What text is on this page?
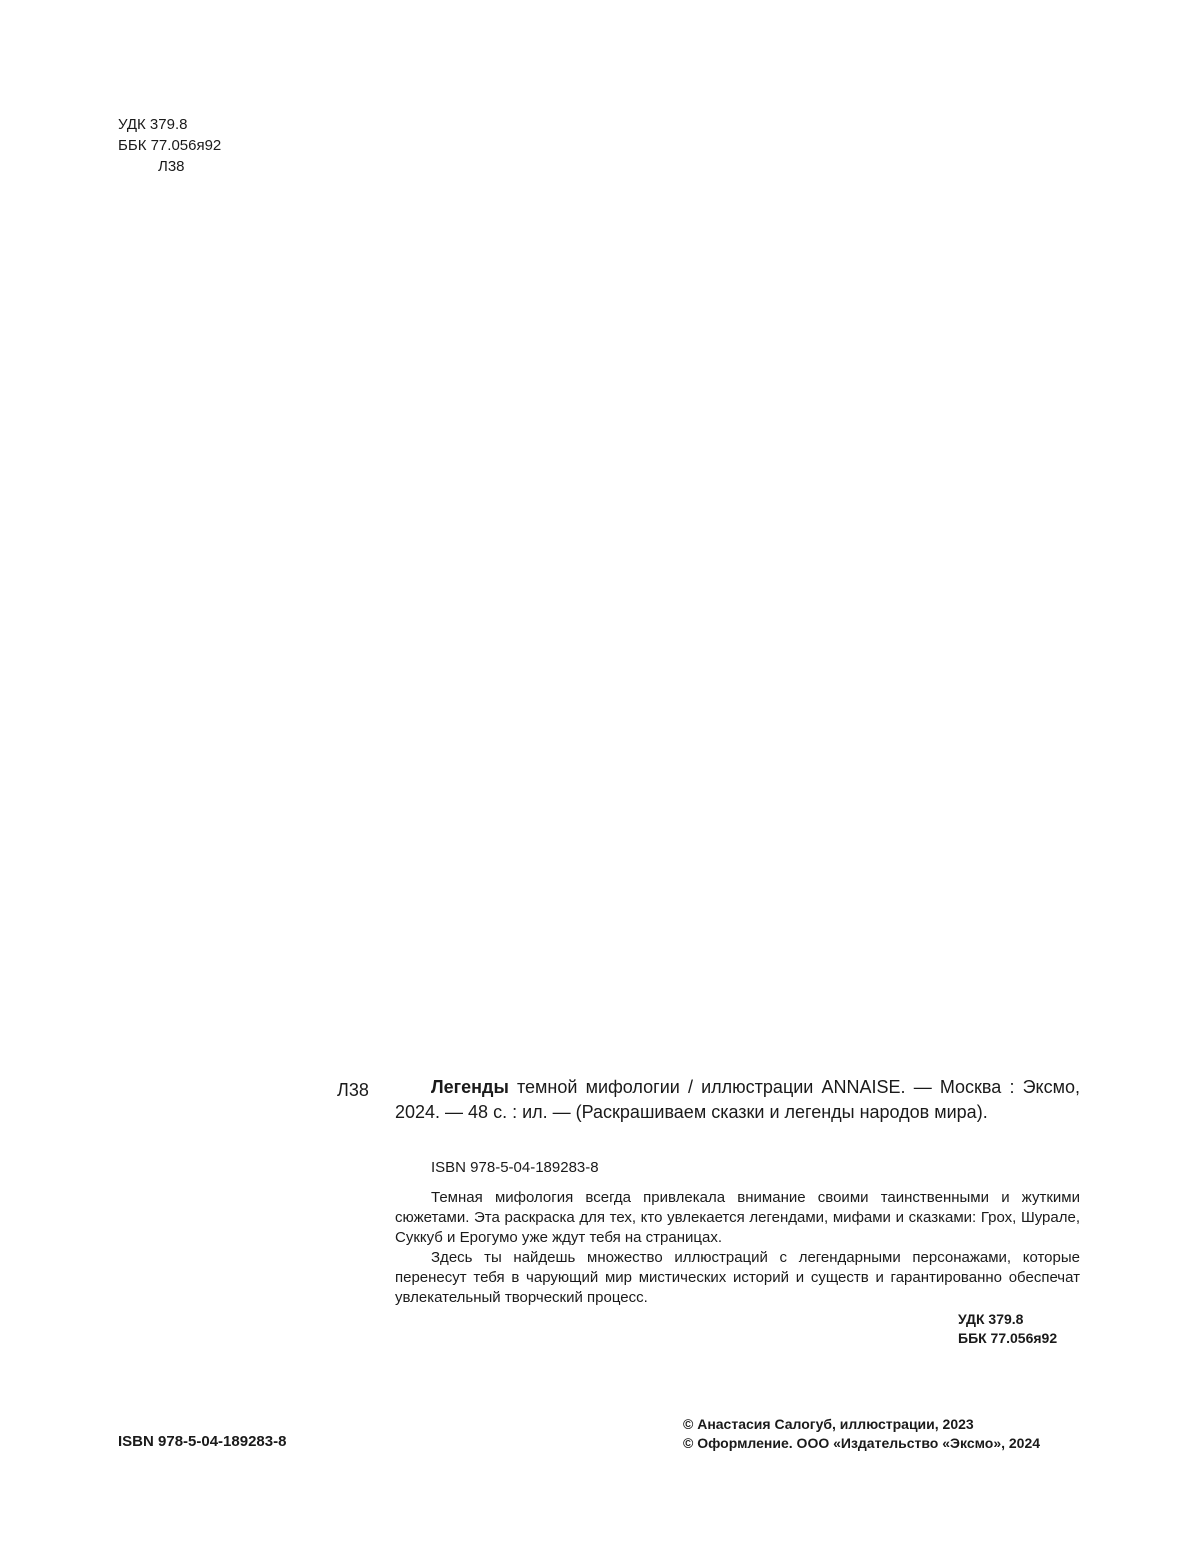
УДК 379.8
ББК 77.056я92
Л38
Л38	Легенды темной мифологии / иллюстрации ANNAISE. — Москва : Эксмо, 2024. — 48 с. : ил. — (Раскрашиваем сказки и легенды народов мира).
ISBN 978-5-04-189283-8

Темная мифология всегда привлекала внимание своими таинственными и жуткими сюжетами. Эта раскраска для тех, кто увлекается легендами, мифами и сказками: Грох, Шурале, Суккуб и Ерогумо уже ждут тебя на страницах.

Здесь ты найдешь множество иллюстраций с легендарными персонажами, которые перенесут тебя в чарующий мир мистических историй и существ и гарантированно обеспечат увлекательный творческий процесс.

УДК 379.8
ББК 77.056я92
ISBN 978-5-04-189283-8
© Анастасия Салогуб, иллюстрации, 2023
© Оформление. ООО «Издательство «Эксмо», 2024
